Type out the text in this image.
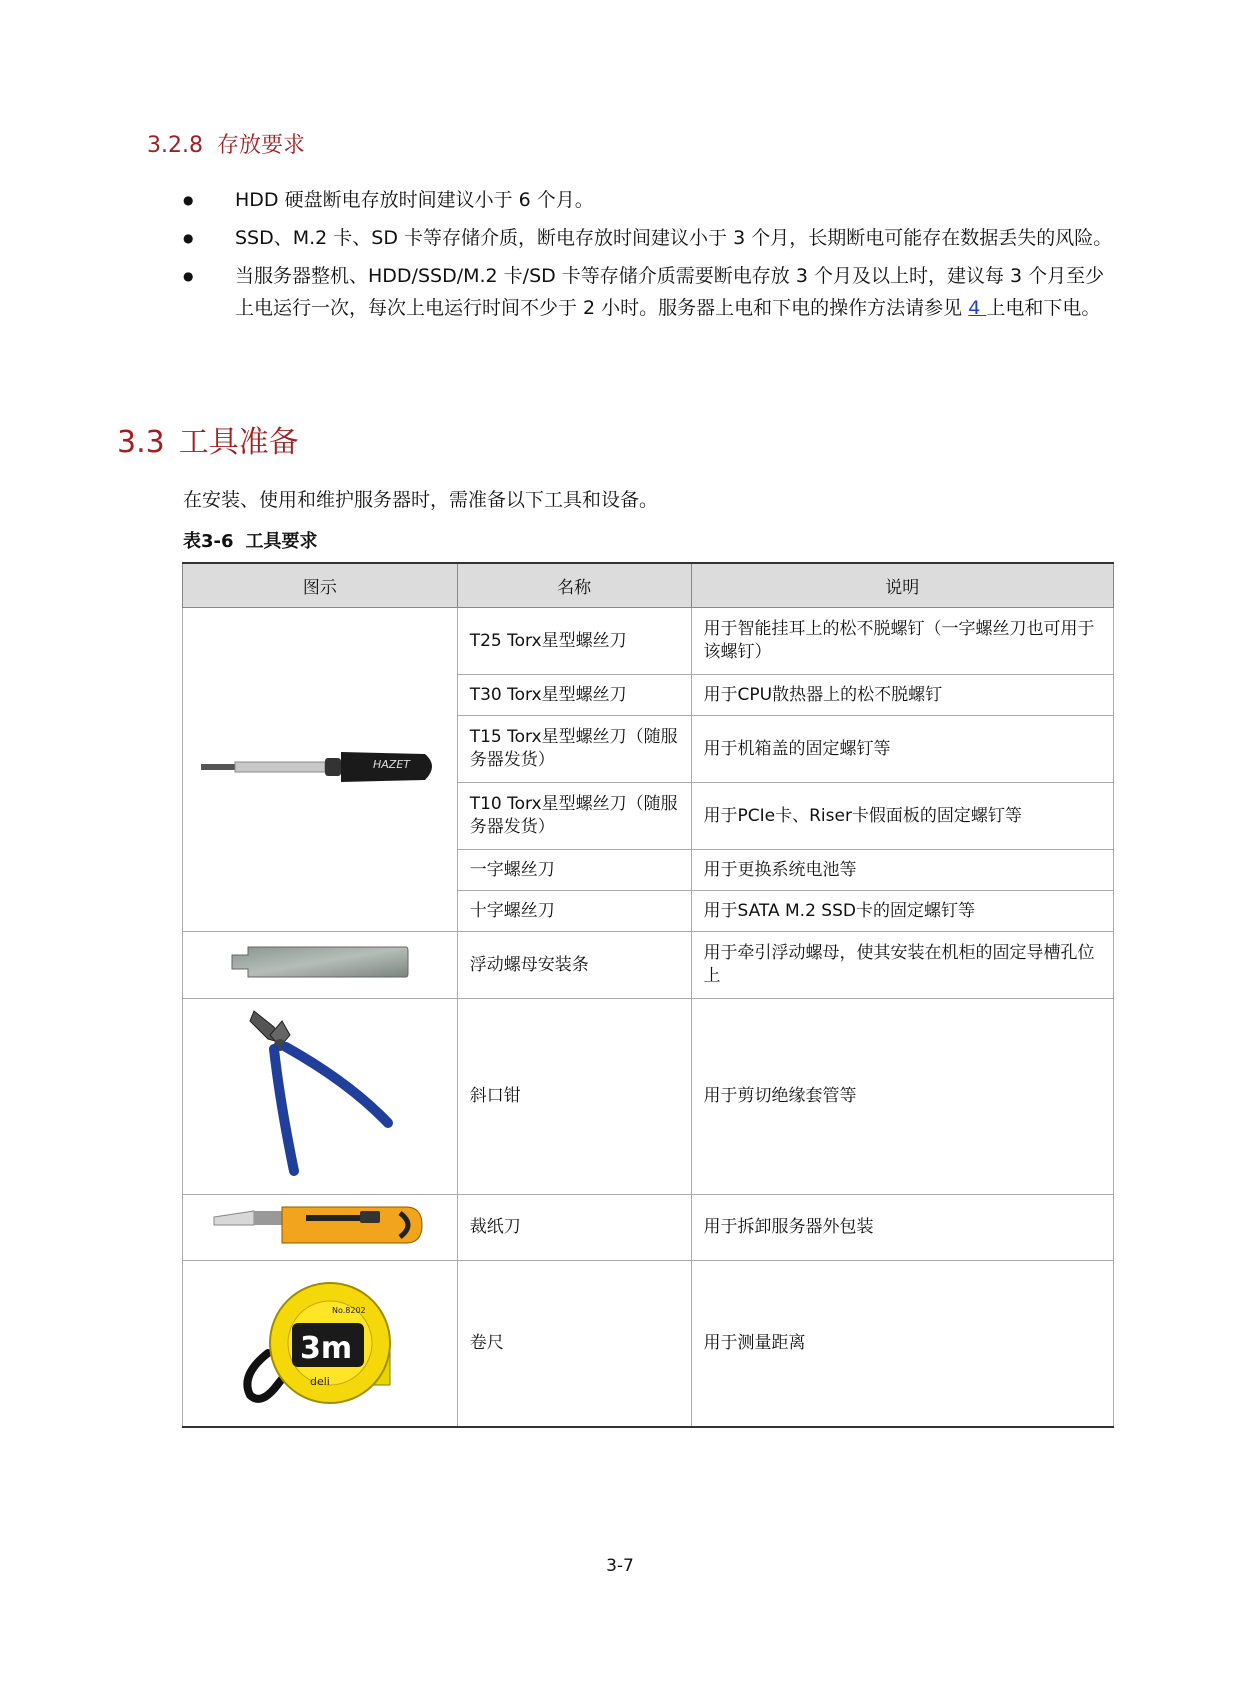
3.2.8 存放要求
● HDD 硬盘断电存放时间建议小于 6 个月。
● SSD、M.2 卡、SD 卡等存储介质，断电存放时间建议小于 3 个月，长期断电可能存在数据丢失的风险。
● 当服务器整机、HDD/SSD/M.2 卡/SD 卡等存储介质需要断电存放 3 个月及以上时，建议每 3 个月至少上电运行一次，每次上电运行时间不少于 2 小时。服务器上电和下电的操作方法请参见 4 上电和下电。
3.3 工具准备
在安装、使用和维护服务器时，需准备以下工具和设备。
表3-6 工具要求
图示	名称	说明

HAZET	T25 Torx星型螺丝刀	用于智能挂耳上的松不脱螺钉（一字螺丝刀也可用于该螺钉）
	T30 Torx星型螺丝刀	用于CPU散热器上的松不脱螺钉
	T15 Torx星型螺丝刀（随服务器发货）	用于机箱盖的固定螺钉等
	T10 Torx星型螺丝刀（随服务器发货）	用于PCIe卡、Riser卡假面板的固定螺钉等
	一字螺丝刀	用于更换系统电池等
	十字螺丝刀	用于SATA M.2 SSD卡的固定螺钉等
	浮动螺母安装条	用于牵引浮动螺母，使其安装在机柜的固定导槽孔位上
	斜口钳	用于剪切绝缘套管等
	裁纸刀	用于拆卸服务器外包装

3m
deli
No.8202	卷尺	用于测量距离
3-7
